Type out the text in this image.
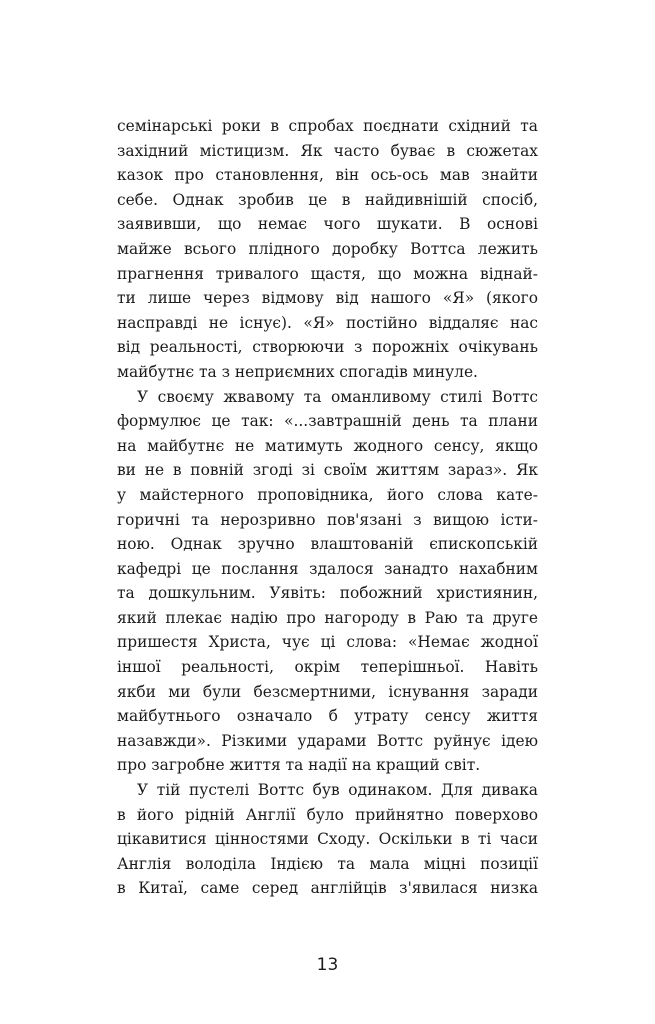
семінарські роки в спробах поєднати східний та
західний містицизм. Як часто буває в сюжетах
казок про становлення, він ось-ось мав знайти
себе. Однак зробив це в найдивнішій спосіб,
заявивши, що немає чого шукати. В основі
майже всього плідного доробку Воттса лежить
прагнення тривалого щастя, що можна віднай-
ти лише через відмову від нашого «Я» (якого
насправді не існує). «Я» постійно віддаляє нас
від реальності, створюючи з порожніх очікувань
майбутнє та з неприємних спогадів минуле.
У своєму жвавому та оманливому стилі Воттс
формулює це так: «...завтрашній день та плани
на майбутнє не матимуть жодного сенсу, якщо
ви не в повній згоді зі своїм життям зараз». Як
у майстерного проповідника, його слова кате-
горичні та нерозривно пов'язані з вищою істи-
ною. Однак зручно влаштованій єпископській
кафедрі це послання здалося занадто нахабним
та дошкульним. Уявіть: побожний християнин,
який плекає надію про нагороду в Раю та друге
пришестя Христа, чує ці слова: «Немає жодної
іншої реальності, окрім теперішньої. Навіть
якби ми були безсмертними, існування заради
майбутнього означало б утрату сенсу життя
назавжди». Різкими ударами Воттс руйнує ідею
про загробне життя та надії на кращий світ.
У тій пустелі Воттс був одинаком. Для дивака
в його рідній Англії було прийнятно поверхово
цікавитися цінностями Сходу. Оскільки в ті часи
Англія володіла Індією та мала міцні позиції
в Китаї, саме серед англійців з'явилася низка
13
